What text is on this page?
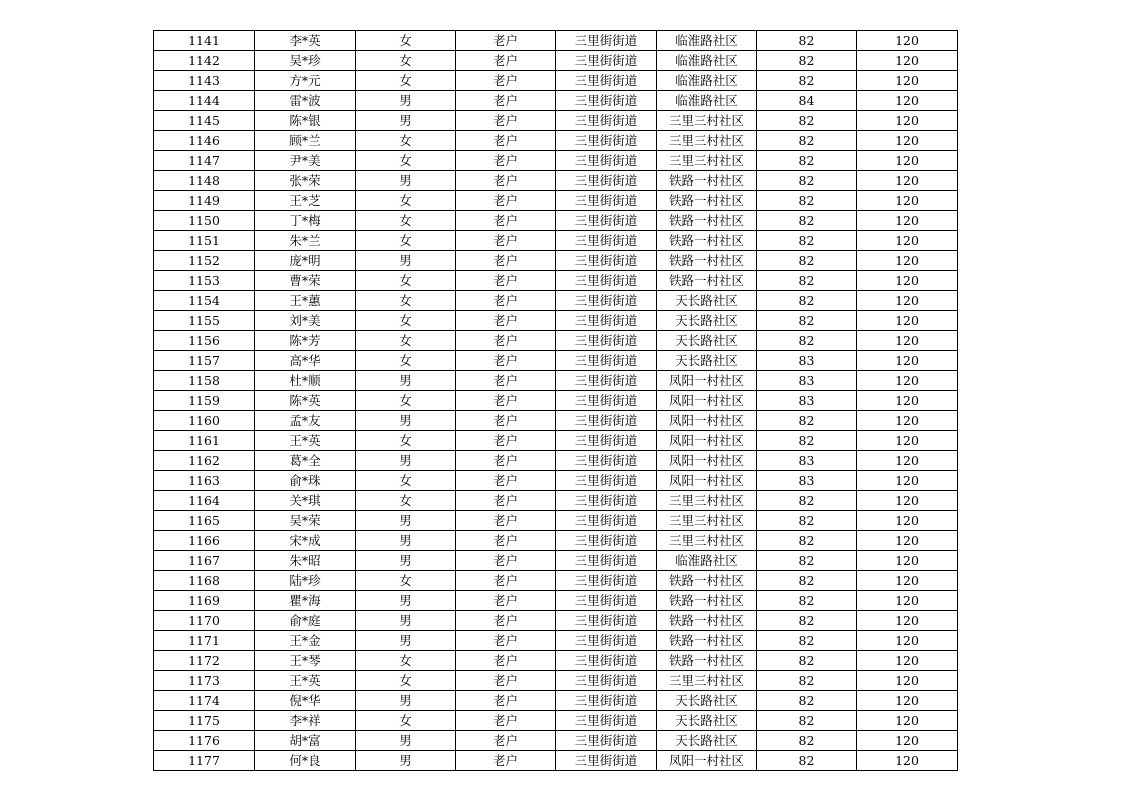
1141	李*英	女	老户	三里街街道	临淮路社区	82	120
1142	吴*珍	女	老户	三里街街道	临淮路社区	82	120
1143	方*元	女	老户	三里街街道	临淮路社区	82	120
1144	雷*波	男	老户	三里街街道	临淮路社区	84	120
1145	陈*银	男	老户	三里街街道	三里三村社区	82	120
1146	顾*兰	女	老户	三里街街道	三里三村社区	82	120
1147	尹*美	女	老户	三里街街道	三里三村社区	82	120
1148	张*荣	男	老户	三里街街道	铁路一村社区	82	120
1149	王*芝	女	老户	三里街街道	铁路一村社区	82	120
1150	丁*梅	女	老户	三里街街道	铁路一村社区	82	120
1151	朱*兰	女	老户	三里街街道	铁路一村社区	82	120
1152	庞*明	男	老户	三里街街道	铁路一村社区	82	120
1153	曹*荣	女	老户	三里街街道	铁路一村社区	82	120
1154	王*蕙	女	老户	三里街街道	天长路社区	82	120
1155	刘*美	女	老户	三里街街道	天长路社区	82	120
1156	陈*芳	女	老户	三里街街道	天长路社区	82	120
1157	高*华	女	老户	三里街街道	天长路社区	83	120
1158	杜*顺	男	老户	三里街街道	凤阳一村社区	83	120
1159	陈*英	女	老户	三里街街道	凤阳一村社区	83	120
1160	孟*友	男	老户	三里街街道	凤阳一村社区	82	120
1161	王*英	女	老户	三里街街道	凤阳一村社区	82	120
1162	葛*全	男	老户	三里街街道	凤阳一村社区	83	120
1163	俞*珠	女	老户	三里街街道	凤阳一村社区	83	120
1164	关*琪	女	老户	三里街街道	三里三村社区	82	120
1165	吴*荣	男	老户	三里街街道	三里三村社区	82	120
1166	宋*成	男	老户	三里街街道	三里三村社区	82	120
1167	朱*昭	男	老户	三里街街道	临淮路社区	82	120
1168	陆*珍	女	老户	三里街街道	铁路一村社区	82	120
1169	瞿*海	男	老户	三里街街道	铁路一村社区	82	120
1170	俞*庭	男	老户	三里街街道	铁路一村社区	82	120
1171	王*金	男	老户	三里街街道	铁路一村社区	82	120
1172	王*琴	女	老户	三里街街道	铁路一村社区	82	120
1173	王*英	女	老户	三里街街道	三里三村社区	82	120
1174	倪*华	男	老户	三里街街道	天长路社区	82	120
1175	李*祥	女	老户	三里街街道	天长路社区	82	120
1176	胡*富	男	老户	三里街街道	天长路社区	82	120
1177	何*良	男	老户	三里街街道	凤阳一村社区	82	120
